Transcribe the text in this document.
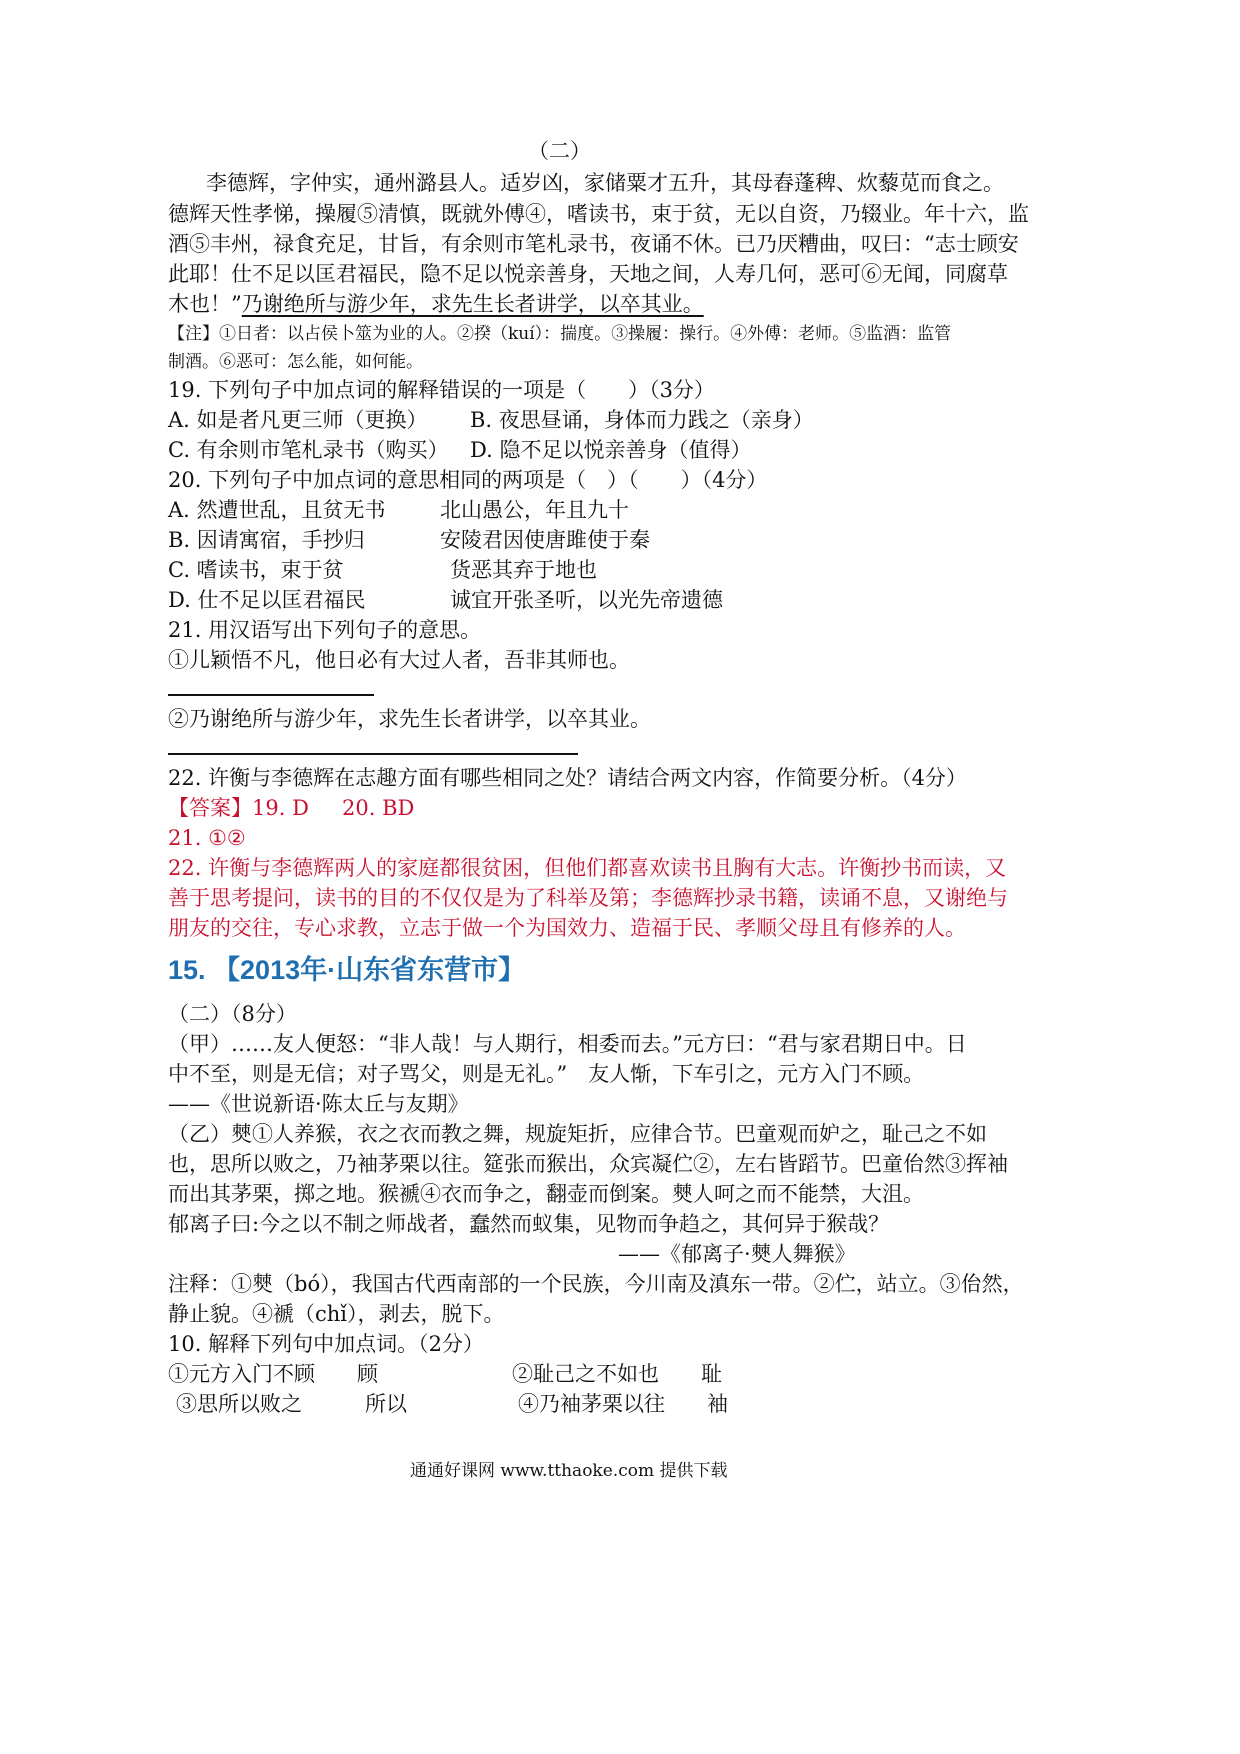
（二）
李德辉，字仲实，通州潞县人。适岁凶，家储粟才五升，其母舂蓬稗、炊藜苋而食之。
德辉天性孝悌，操履⑤清慎，既就外傅④，嗜读书，束于贫，无以自资，乃辍业。年十六，监
酒⑤丰州，禄食充足，甘旨，有余则市笔札录书，夜诵不休。已乃厌糟曲，叹曰：“志士顾安
此耶！仕不足以匡君福民，隐不足以悦亲善身，天地之间，人寿几何，恶可⑥无闻，同腐草
木也！”乃谢绝所与游少年，求先生长者讲学，以卒其业。
【注】①日者：以占侯卜筮为业的人。②揆（kuí）：揣度。③操履：操行。④外傅：老师。⑤监酒：监管
制酒。⑥恶可：怎么能，如何能。
19. 下列句子中加点词的解释错误的一项是（　　）（3分）
A. 如是者凡更三师（更换） B. 夜思昼诵，身体而力践之（亲身）
C. 有余则市笔札录书（购买） D. 隐不足以悦亲善身（值得）
20. 下列句子中加点词的意思相同的两项是（　）（　　）（4分）
A. 然遭世乱，且贫无书	北山愚公，年且九十
B. 因请寓宿，手抄归	安陵君因使唐雎使于秦
C. 嗜读书，束于贫	货恶其弃于地也
D. 仕不足以匡君福民	诚宜开张圣听，以光先帝遗德
21. 用汉语写出下列句子的意思。
①儿颖悟不凡，他日必有大过人者，吾非其师也。
②乃谢绝所与游少年，求先生长者讲学，以卒其业。
22. 许衡与李德辉在志趣方面有哪些相同之处？请结合两文内容，作简要分析。（4分）
【答案】19. D 20. BD
21. ①②
22. 许衡与李德辉两人的家庭都很贫困，但他们都喜欢读书且胸有大志。许衡抄书而读，又
善于思考提问，读书的目的不仅仅是为了科举及第；李德辉抄录书籍，读诵不息，又谢绝与
朋友的交往，专心求教，立志于做一个为国效力、造福于民、孝顺父母且有修养的人。
15. 【2013年·山东省东营市】
（二）（8分）
（甲）……友人便怒：“非人哉！与人期行，相委而去。”元方曰：“君与家君期日中。日
中不至，则是无信；对子骂父，则是无礼。”　友人惭，下车引之，元方入门不顾。
——《世说新语·陈太丘与友期》
（乙）僰①人养猴，衣之衣而教之舞，规旋矩折，应律合节。巴童观而妒之，耻己之不如
也，思所以败之，乃袖茅栗以往。筵张而猴出，众宾凝伫②，左右皆蹈节。巴童佁然③挥袖
而出其茅栗，掷之地。猴褫④衣而争之，翻壶而倒案。僰人呵之而不能禁，大沮。
郁离子曰:今之以不制之师战者，蠢然而蚁集，见物而争趋之，其何异于猴哉？
——《郁离子·僰人舞猴》
注释：①僰（bó），我国古代西南部的一个民族，今川南及滇东一带。②伫，站立。③佁然，
静止貌。④褫（chǐ），剥去，脱下。
10. 解释下列句中加点词。（2分）
①元方入门不顾　　顾	②耻己之不如也　　耻
③思所以败之　　　所以	④乃袖茅栗以往　　袖
通通好课网 www.tthaoke.com 提供下载
